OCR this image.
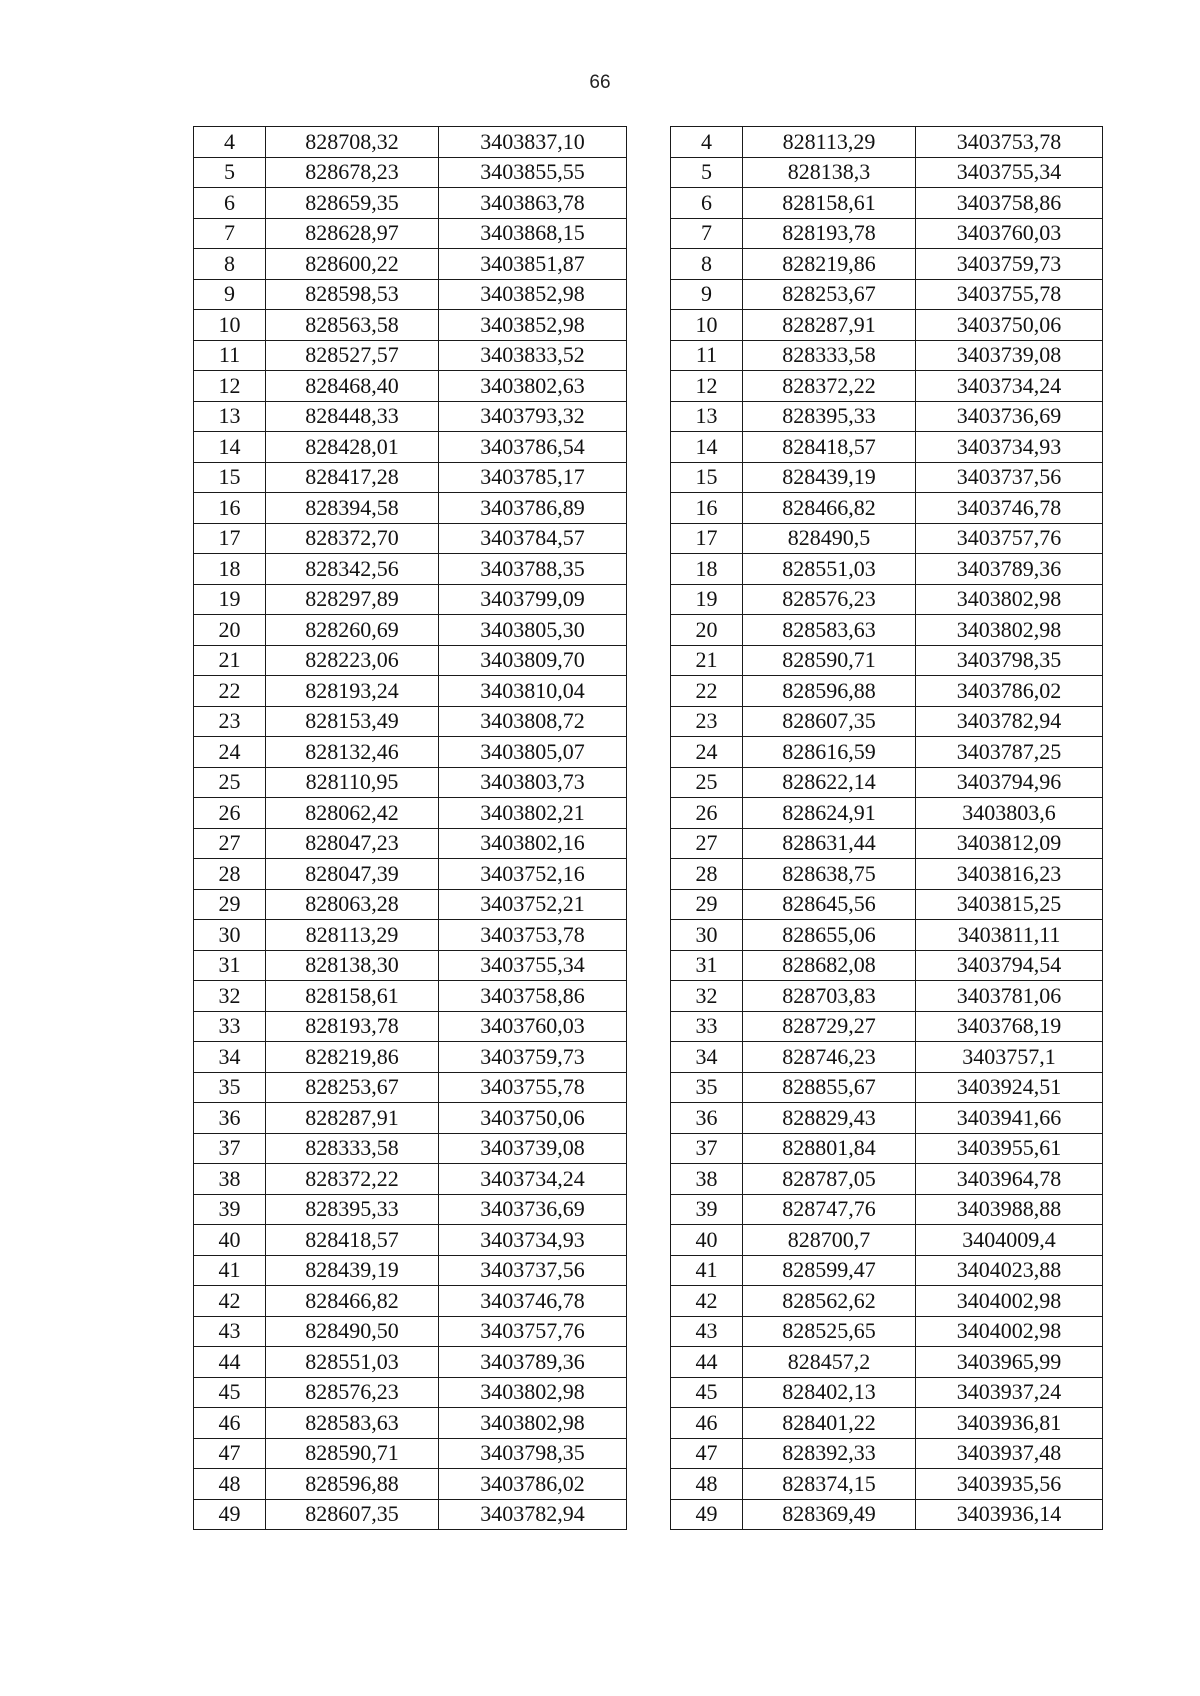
66
4	828708,32	3403837,10
5	828678,23	3403855,55
6	828659,35	3403863,78
7	828628,97	3403868,15
8	828600,22	3403851,87
9	828598,53	3403852,98
10	828563,58	3403852,98
11	828527,57	3403833,52
12	828468,40	3403802,63
13	828448,33	3403793,32
14	828428,01	3403786,54
15	828417,28	3403785,17
16	828394,58	3403786,89
17	828372,70	3403784,57
18	828342,56	3403788,35
19	828297,89	3403799,09
20	828260,69	3403805,30
21	828223,06	3403809,70
22	828193,24	3403810,04
23	828153,49	3403808,72
24	828132,46	3403805,07
25	828110,95	3403803,73
26	828062,42	3403802,21
27	828047,23	3403802,16
28	828047,39	3403752,16
29	828063,28	3403752,21
30	828113,29	3403753,78
31	828138,30	3403755,34
32	828158,61	3403758,86
33	828193,78	3403760,03
34	828219,86	3403759,73
35	828253,67	3403755,78
36	828287,91	3403750,06
37	828333,58	3403739,08
38	828372,22	3403734,24
39	828395,33	3403736,69
40	828418,57	3403734,93
41	828439,19	3403737,56
42	828466,82	3403746,78
43	828490,50	3403757,76
44	828551,03	3403789,36
45	828576,23	3403802,98
46	828583,63	3403802,98
47	828590,71	3403798,35
48	828596,88	3403786,02
49	828607,35	3403782,94
4	828113,29	3403753,78
5	828138,3	3403755,34
6	828158,61	3403758,86
7	828193,78	3403760,03
8	828219,86	3403759,73
9	828253,67	3403755,78
10	828287,91	3403750,06
11	828333,58	3403739,08
12	828372,22	3403734,24
13	828395,33	3403736,69
14	828418,57	3403734,93
15	828439,19	3403737,56
16	828466,82	3403746,78
17	828490,5	3403757,76
18	828551,03	3403789,36
19	828576,23	3403802,98
20	828583,63	3403802,98
21	828590,71	3403798,35
22	828596,88	3403786,02
23	828607,35	3403782,94
24	828616,59	3403787,25
25	828622,14	3403794,96
26	828624,91	3403803,6
27	828631,44	3403812,09
28	828638,75	3403816,23
29	828645,56	3403815,25
30	828655,06	3403811,11
31	828682,08	3403794,54
32	828703,83	3403781,06
33	828729,27	3403768,19
34	828746,23	3403757,1
35	828855,67	3403924,51
36	828829,43	3403941,66
37	828801,84	3403955,61
38	828787,05	3403964,78
39	828747,76	3403988,88
40	828700,7	3404009,4
41	828599,47	3404023,88
42	828562,62	3404002,98
43	828525,65	3404002,98
44	828457,2	3403965,99
45	828402,13	3403937,24
46	828401,22	3403936,81
47	828392,33	3403937,48
48	828374,15	3403935,56
49	828369,49	3403936,14
